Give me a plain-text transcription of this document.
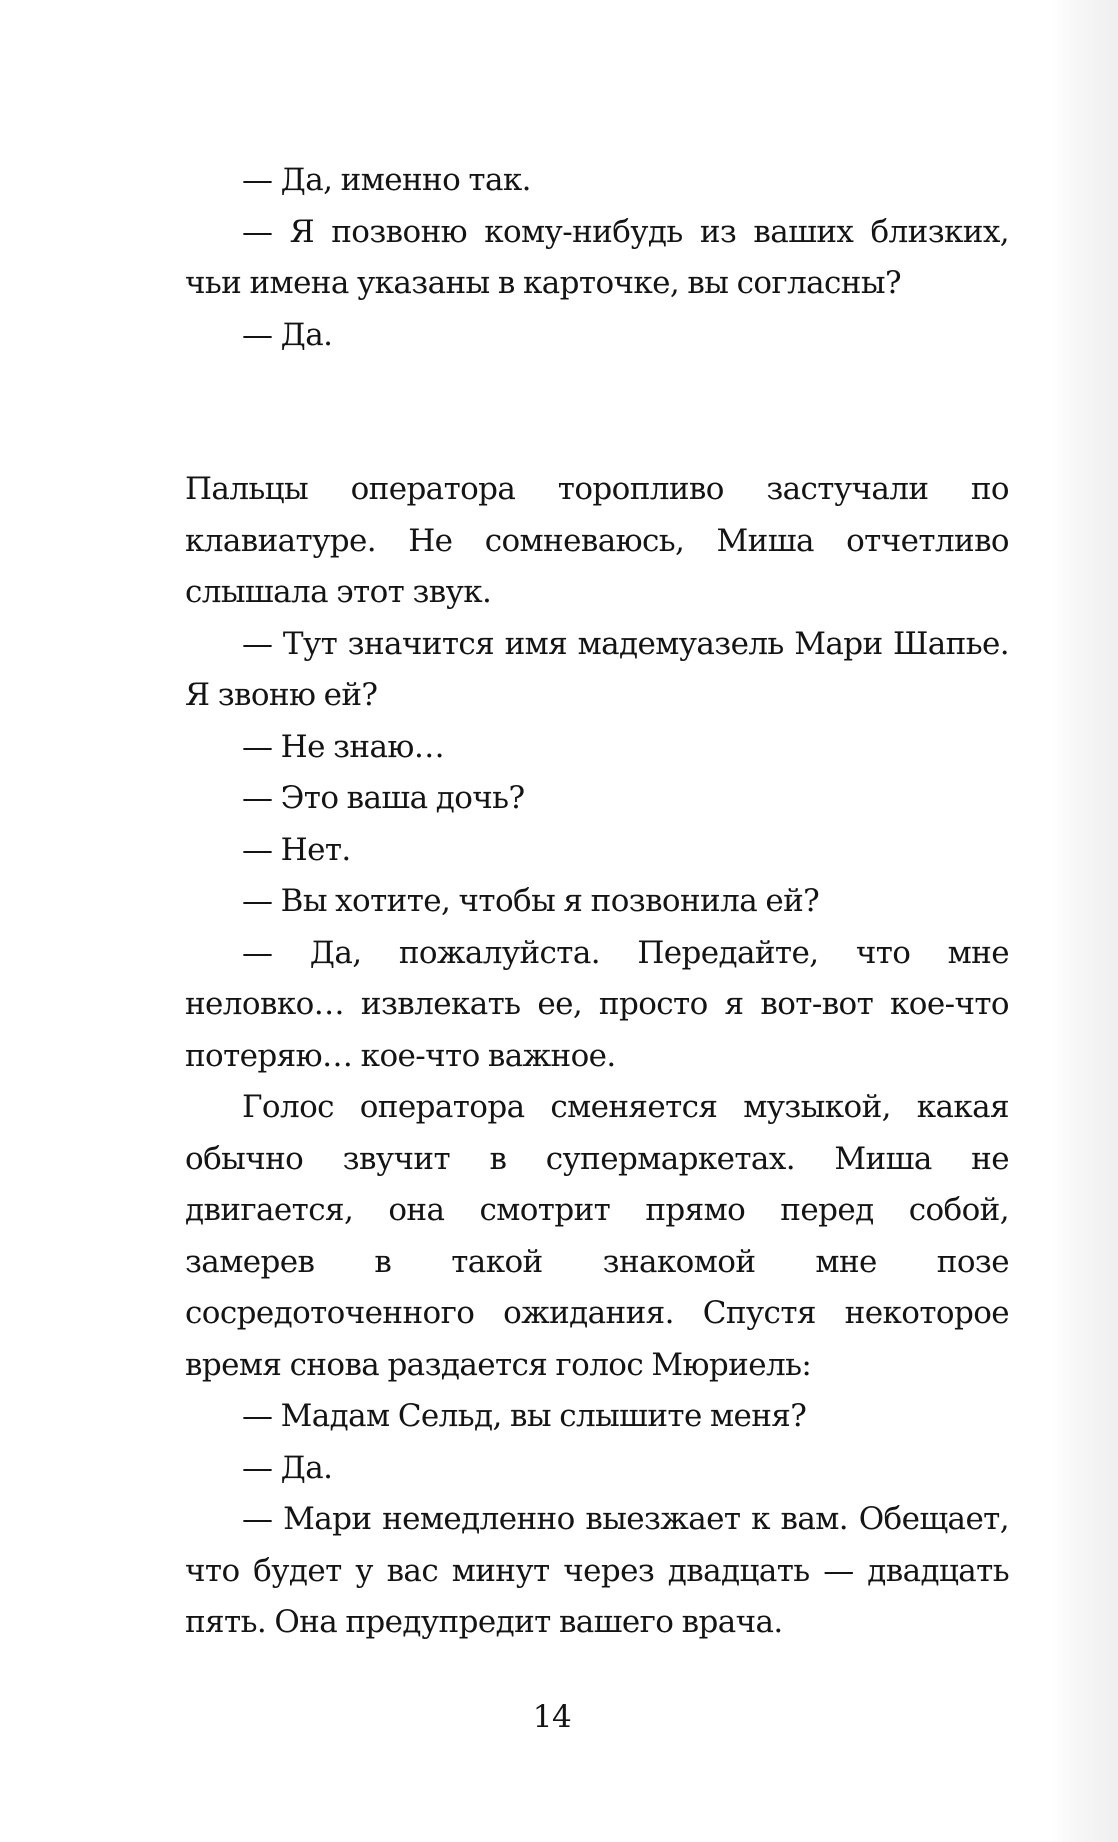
— Да, именно так.

— Я позвоню кому-нибудь из ваших близких, чьи имена указаны в карточке, вы согласны?

— Да.

Пальцы оператора торопливо застучали по клавиатуре. Не сомневаюсь, Миша отчетливо слышала этот звук.

— Тут значится имя мадемуазель Мари Шапье. Я звоню ей?

— Не знаю…

— Это ваша дочь?

— Нет.

— Вы хотите, чтобы я позвонила ей?

— Да, пожалуйста. Передайте, что мне неловко… извлекать ее, просто я вот-вот кое-что потеряю… кое-что важное.

Голос оператора сменяется музыкой, какая обычно звучит в супермаркетах. Миша не двигается, она смотрит прямо перед собой, замерев в такой знакомой мне позе сосредоточенного ожидания. Спустя некоторое время снова раздается голос Мюриель:

— Мадам Сельд, вы слышите меня?

— Да.

— Мари немедленно выезжает к вам. Обещает, что будет у вас минут через двадцать — двадцать пять. Она предупредит вашего врача.

14
